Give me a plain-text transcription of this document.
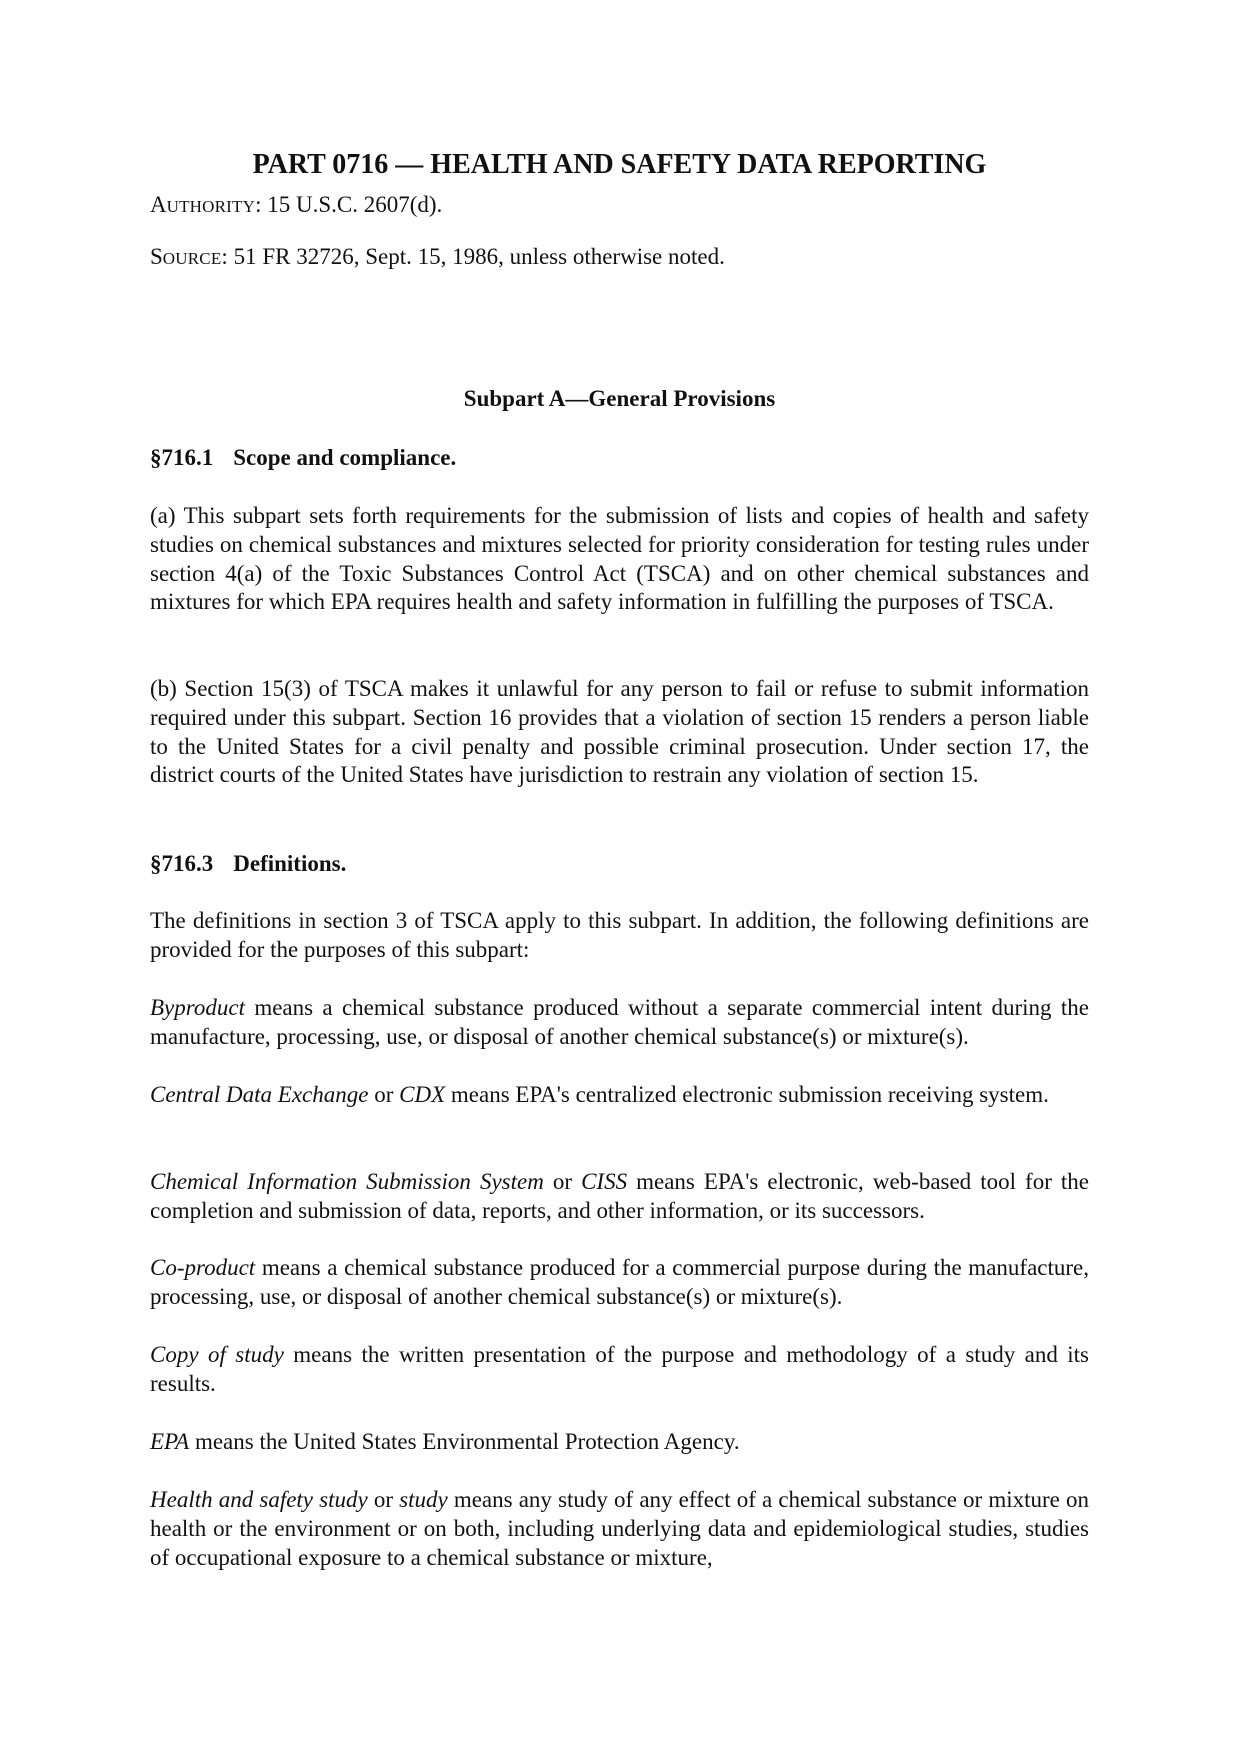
PART 0716 — HEALTH AND SAFETY DATA REPORTING

AUTHORITY: 15 U.S.C. 2607(d).

SOURCE: 51 FR 32726, Sept. 15, 1986, unless otherwise noted.

Subpart A—General Provisions
§716.1 Scope and compliance.

(a) This subpart sets forth requirements for the submission of lists and copies of health and safety studies on chemical substances and mixtures selected for priority consideration for testing rules under section 4(a) of the Toxic Substances Control Act (TSCA) and on other chemical substances and mixtures for which EPA requires health and safety information in fulfilling the purposes of TSCA.

(b) Section 15(3) of TSCA makes it unlawful for any person to fail or refuse to submit information required under this subpart. Section 16 provides that a violation of section 15 renders a person liable to the United States for a civil penalty and possible criminal prosecution. Under section 17, the district courts of the United States have jurisdiction to restrain any violation of section 15.

§716.3 Definitions.

The definitions in section 3 of TSCA apply to this subpart. In addition, the following definitions are provided for the purposes of this subpart:

Byproduct means a chemical substance produced without a separate commercial intent during the manufacture, processing, use, or disposal of another chemical substance(s) or mixture(s).

Central Data Exchange or CDX means EPA's centralized electronic submission receiving system.

Chemical Information Submission System or CISS means EPA's electronic, web-based tool for the completion and submission of data, reports, and other information, or its successors.

Co-product means a chemical substance produced for a commercial purpose during the manufacture, processing, use, or disposal of another chemical substance(s) or mixture(s).

Copy of study means the written presentation of the purpose and methodology of a study and its results.

EPA means the United States Environmental Protection Agency.

Health and safety study or study means any study of any effect of a chemical substance or mixture on health or the environment or on both, including underlying data and epidemiological studies, studies of occupational exposure to a chemical substance or mixture,
